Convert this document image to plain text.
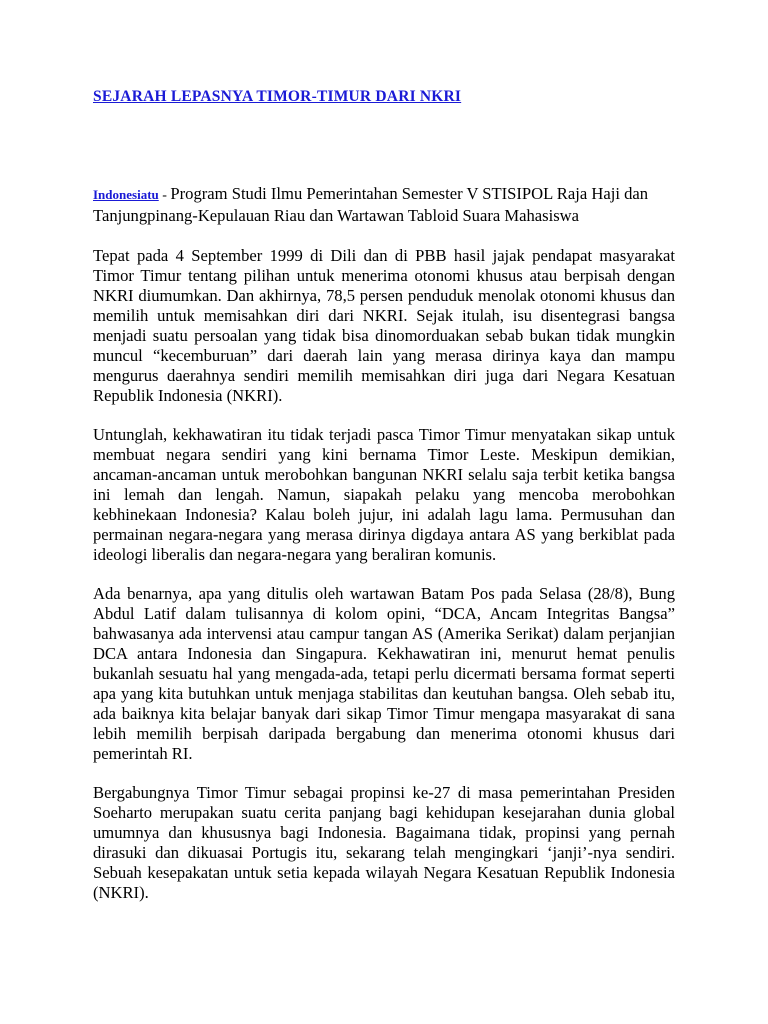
SEJARAH LEPASNYA TIMOR-TIMUR DARI NKRI

Indonesiatu - Program Studi Ilmu Pemerintahan Semester V STISIPOL Raja Haji dan Tanjungpinang-Kepulauan Riau dan Wartawan Tabloid Suara Mahasiswa

Tepat pada 4 September 1999 di Dili dan di PBB hasil jajak pendapat masyarakat Timor Timur tentang pilihan untuk menerima otonomi khusus atau berpisah dengan NKRI diumumkan. Dan akhirnya, 78,5 persen penduduk menolak otonomi khusus dan memilih untuk memisahkan diri dari NKRI. Sejak itulah, isu disentegrasi bangsa menjadi suatu persoalan yang tidak bisa dinomorduakan sebab bukan tidak mungkin muncul “kecemburuan” dari daerah lain yang merasa dirinya kaya dan mampu mengurus daerahnya sendiri memilih memisahkan diri juga dari Negara Kesatuan Republik Indonesia (NKRI).

Untunglah, kekhawatiran itu tidak terjadi pasca Timor Timur menyatakan sikap untuk membuat negara sendiri yang kini bernama Timor Leste. Meskipun demikian, ancaman-ancaman untuk merobohkan bangunan NKRI selalu saja terbit ketika bangsa ini lemah dan lengah. Namun, siapakah pelaku yang mencoba merobohkan kebhinekaan Indonesia? Kalau boleh jujur, ini adalah lagu lama. Permusuhan dan permainan negara-negara yang merasa dirinya digdaya antara AS yang berkiblat pada ideologi liberalis dan negara-negara yang beraliran komunis.

Ada benarnya, apa yang ditulis oleh wartawan Batam Pos pada Selasa (28/8), Bung Abdul Latif dalam tulisannya di kolom opini, “DCA, Ancam Integritas Bangsa” bahwasanya ada intervensi atau campur tangan AS (Amerika Serikat) dalam perjanjian DCA antara Indonesia dan Singapura. Kekhawatiran ini, menurut hemat penulis bukanlah sesuatu hal yang mengada-ada, tetapi perlu dicermati bersama format seperti apa yang kita butuhkan untuk menjaga stabilitas dan keutuhan bangsa. Oleh sebab itu, ada baiknya kita belajar banyak dari sikap Timor Timur mengapa masyarakat di sana lebih memilih berpisah daripada bergabung dan menerima otonomi khusus dari pemerintah RI.

Bergabungnya Timor Timur sebagai propinsi ke-27 di masa pemerintahan Presiden Soeharto merupakan suatu cerita panjang bagi kehidupan kesejarahan dunia global umumnya dan khususnya bagi Indonesia. Bagaimana tidak, propinsi yang pernah dirasuki dan dikuasai Portugis itu, sekarang telah mengingkari ‘janji’-nya sendiri. Sebuah kesepakatan untuk setia kepada wilayah Negara Kesatuan Republik Indonesia (NKRI).
